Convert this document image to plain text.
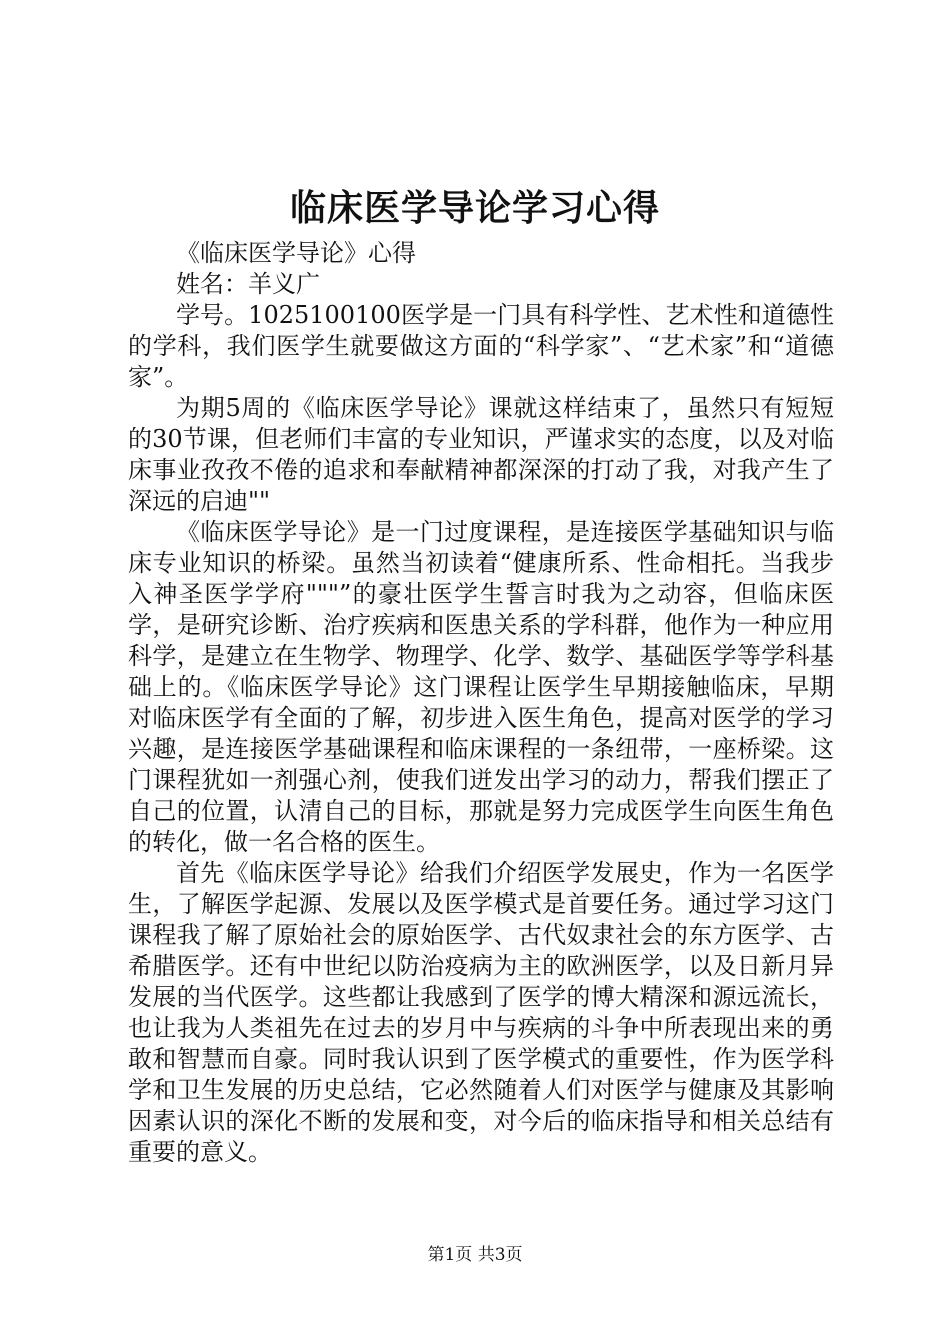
临床医学导论学习心得

《临床医学导论》心得

姓名：羊义广

学号。1025100100医学是一门具有科学性、艺术性和道德性的学科，我们医学生就要做这方面的“科学家”、“艺术家”和“道德家”。

为期5周的《临床医学导论》课就这样结束了，虽然只有短短的30节课，但老师们丰富的专业知识，严谨求实的态度，以及对临床事业孜孜不倦的追求和奉献精神都深深的打动了我，对我产生了深远的启迪""

《临床医学导论》是一门过度课程，是连接医学基础知识与临床专业知识的桥梁。虽然当初读着“健康所系、性命相托。当我步入神圣医学学府"""”的豪壮医学生誓言时我为之动容，但临床医学，是研究诊断、治疗疾病和医患关系的学科群，他作为一种应用科学，是建立在生物学、物理学、化学、数学、基础医学等学科基础上的。《临床医学导论》这门课程让医学生早期接触临床，早期对临床医学有全面的了解，初步进入医生角色，提高对医学的学习兴趣，是连接医学基础课程和临床课程的一条纽带，一座桥梁。这门课程犹如一剂强心剂，使我们迸发出学习的动力，帮我们摆正了自己的位置，认清自己的目标，那就是努力完成医学生向医生角色的转化，做一名合格的医生。

首先《临床医学导论》给我们介绍医学发展史，作为一名医学生，了解医学起源、发展以及医学模式是首要任务。通过学习这门课程我了解了原始社会的原始医学、古代奴隶社会的东方医学、古希腊医学。还有中世纪以防治疫病为主的欧洲医学，以及日新月异发展的当代医学。这些都让我感到了医学的博大精深和源远流长，也让我为人类祖先在过去的岁月中与疾病的斗争中所表现出来的勇敢和智慧而自豪。同时我认识到了医学模式的重要性，作为医学科学和卫生发展的历史总结，它必然随着人们对医学与健康及其影响因素认识的深化不断的发展和变，对今后的临床指导和相关总结有重要的意义。

第1页 共3页
